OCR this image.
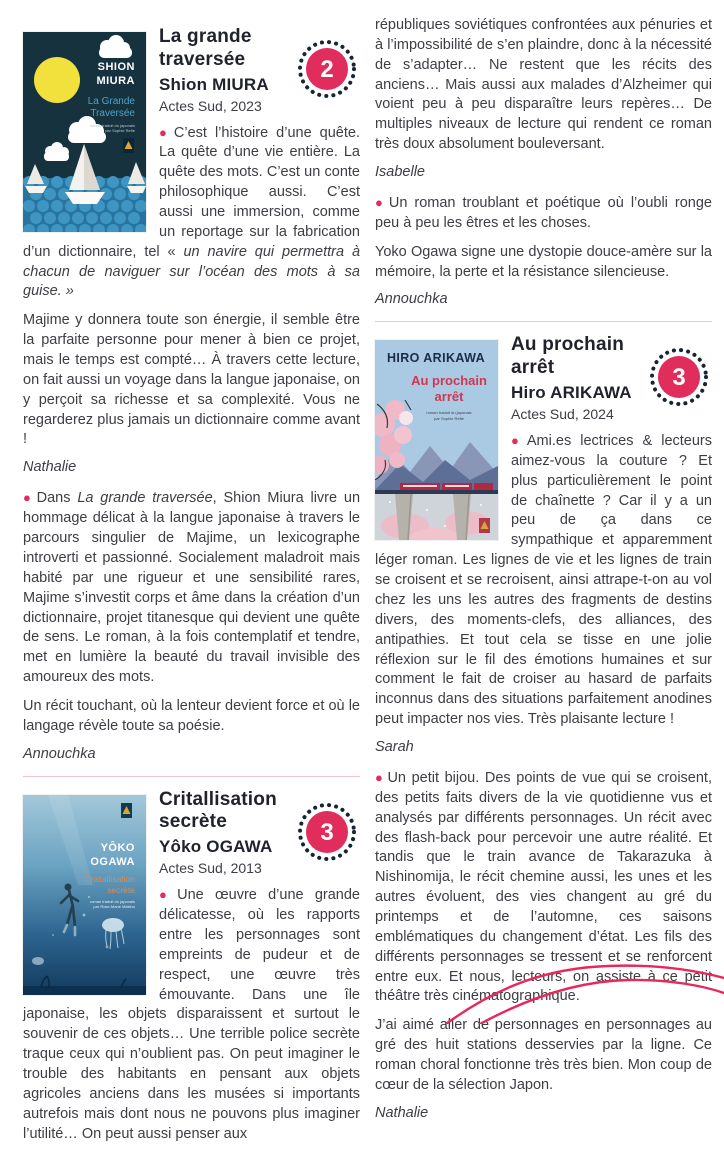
SHION
MIURA
La Grande
Traversée
roman traduit du japonais
par Sophie Refle
2
La grande traversée
Shion MIURA
Actes Sud, 2023

● C’est l’histoire d’une quête. La quête d’une vie entière. La quête des mots. C’est un conte philosophique aussi. C’est aussi une immersion, comme un reportage sur la fabrication d’un dictionnaire, tel « un navire qui permettra à chacun de naviguer sur l’océan des mots à sa guise. »

Majime y donnera toute son énergie, il semble être la parfaite personne pour mener à bien ce projet, mais le temps est compté… À travers cette lecture, on fait aussi un voyage dans la langue japonaise, on y perçoit sa richesse et sa complexité. Vous ne regarderez plus jamais un dictionnaire comme avant !

Nathalie

● Dans La grande traversée, Shion Miura livre un hommage délicat à la langue japonaise à travers le parcours singulier de Majime, un lexicographe introverti et passionné. Socialement maladroit mais habité par une rigueur et une sensibilité rares, Majime s’investit corps et âme dans la création d’un dictionnaire, projet titanesque qui devient une quête de sens. Le roman, à la fois contemplatif et tendre, met en lumière la beauté du travail invisible des amoureux des mots.

Un récit touchant, où la lenteur devient force et où le langage révèle toute sa poésie.

Annouchka
YÔKO
OGAWA
Cristallisation
secrète
roman traduit du japonais
par Rose-Marie Makino
3
Critallisation secrète
Yôko OGAWA
Actes Sud, 2013

● Une œuvre d’une grande délicatesse, où les rapports entre les personnages sont empreints de pudeur et de respect, une œuvre très émouvante. Dans une île japonaise, les objets disparaissent et surtout le souvenir de ces objets… Une terrible police secrète traque ceux qui n’oublient pas. On peut imaginer le trouble des habitants en pensant aux objets agricoles anciens dans les musées si importants autrefois mais dont nous ne pouvons plus imaginer l’utilité… On peut aussi penser aux

républiques soviétiques confrontées aux pénuries et à l’impossibilité de s’en plaindre, donc à la nécessité de s’adapter… Ne restent que les récits des anciens… Mais aussi aux malades d’Alzheimer qui voient peu à peu disparaître leurs repères… De multiples niveaux de lecture qui rendent ce roman très doux absolument bouleversant.

Isabelle

● Un roman troublant et poétique où l’oubli ronge peu à peu les êtres et les choses.

Yoko Ogawa signe une dystopie douce-amère sur la mémoire, la perte et la résistance silencieuse.

Annouchka
HIRO ARIKAWA
Au prochain
arrêt
roman traduit du japonais
par Sophie Refle
3
Au prochain arrêt
Hiro ARIKAWA
Actes Sud, 2024

● Ami.es lectrices & lecteurs aimez-vous la couture ? Et plus particulièrement le point de chaînette ? Car il y a un peu de ça dans ce sympathique et apparemment léger roman. Les lignes de vie et les lignes de train se croisent et se recroisent, ainsi attrape-t-on au vol chez les uns les autres des fragments de destins divers, des moments-clefs, des alliances, des antipathies. Et tout cela se tisse en une jolie réflexion sur le fil des émotions humaines et sur comment le fait de croiser au hasard de parfaits inconnus dans des situations parfaitement anodines peut impacter nos vies. Très plaisante lecture !

Sarah

● Un petit bijou. Des points de vue qui se croisent, des petits faits divers de la vie quotidienne vus et analysés par différents personnages. Un récit avec des flash-back pour percevoir une autre réalité. Et tandis que le train avance de Takarazuka à Nishinomija, le récit chemine aussi, les unes et les autres évoluent, des vies changent au gré du printemps et de l’automne, ces saisons emblématiques du changement d’état. Les fils des différents personnages se tressent et se renforcent entre eux. Et nous, lecteurs, on assiste à ce petit théâtre très cinématographique.

J’ai aimé aller de personnages en personnages au gré des huit stations desservies par la ligne. Ce roman choral fonctionne très très bien. Mon coup de cœur de la sélection Japon.

Nathalie
